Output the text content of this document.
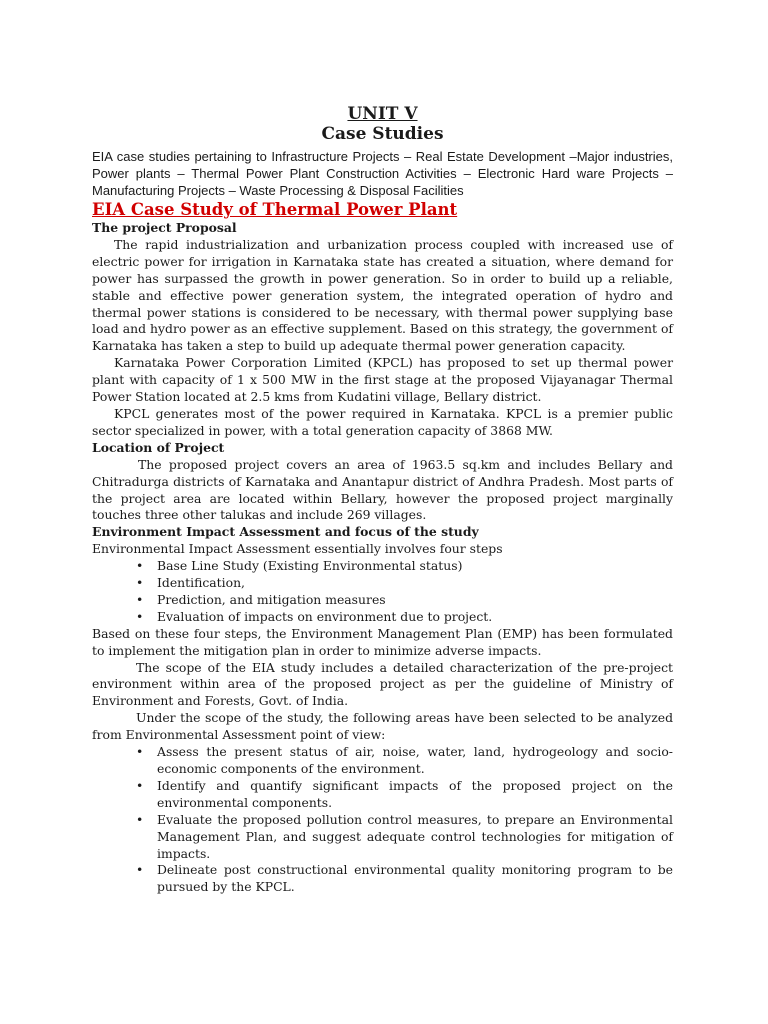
UNIT V
Case Studies
EIA case studies pertaining to Infrastructure Projects – Real Estate Development –Major industries, Power plants – Thermal Power Plant Construction Activities – Electronic Hard ware Projects – Manufacturing Projects – Waste Processing & Disposal Facilities
EIA Case Study of Thermal Power Plant
The project Proposal
The rapid industrialization and urbanization process coupled with increased use of electric power for irrigation in Karnataka state has created a situation, where demand for power has surpassed the growth in power generation. So in order to build up a reliable, stable and effective power generation system, the integrated operation of hydro and thermal power stations is considered to be necessary, with thermal power supplying base load and hydro power as an effective supplement. Based on this strategy, the government of Karnataka has taken a step to build up adequate thermal power generation capacity.
Karnataka Power Corporation Limited (KPCL) has proposed to set up thermal power plant with capacity of 1 x 500 MW in the first stage at the proposed Vijayanagar Thermal Power Station located at 2.5 kms from Kudatini village, Bellary district.
KPCL generates most of the power required in Karnataka. KPCL is a premier public sector specialized in power, with a total generation capacity of 3868 MW.
Location of Project
The proposed project covers an area of 1963.5 sq.km and includes Bellary and Chitradurga districts of Karnataka and Anantapur district of Andhra Pradesh. Most parts of the project area are located within Bellary, however the proposed project marginally touches three other talukas and include 269 villages.
Environment Impact Assessment and focus of the study
Environmental Impact Assessment essentially involves four steps
• Base Line Study (Existing Environmental status)
• Identification,
• Prediction, and mitigation measures
• Evaluation of impacts on environment due to project.
Based on these four steps, the Environment Management Plan (EMP) has been formulated to implement the mitigation plan in order to minimize adverse impacts.
The scope of the EIA study includes a detailed characterization of the pre-project environment within area of the proposed project as per the guideline of Ministry of Environment and Forests, Govt. of India.
Under the scope of the study, the following areas have been selected to be analyzed from Environmental Assessment point of view:
• Assess the present status of air, noise, water, land, hydrogeology and socio-economic components of the environment.
• Identify and quantify significant impacts of the proposed project on the environmental components.
• Evaluate the proposed pollution control measures, to prepare an Environmental Management Plan, and suggest adequate control technologies for mitigation of impacts.
• Delineate post constructional environmental quality monitoring program to be pursued by the KPCL.
